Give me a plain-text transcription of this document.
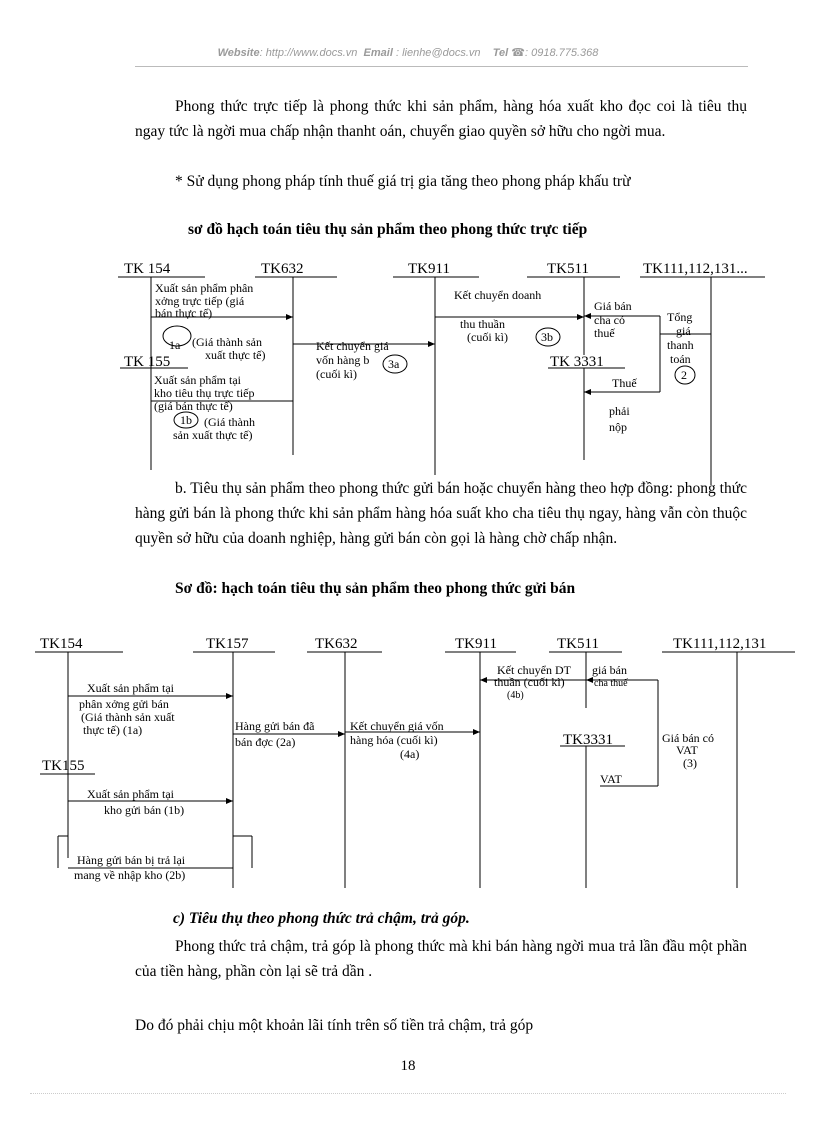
Website: http://www.docs.vn Email : lienhe@docs.vn Tel ☎: 0918.775.368
Phong thức trực tiếp là phong thức khi sản phẩm, hàng hóa xuất kho đọc coi là tiêu thụ ngay tức là ngời mua chấp nhận thanht oán, chuyển giao quyền sở hữu cho ngời mua.
* Sử dụng phong pháp tính thuế giá trị gia tăng theo phong pháp khấu trừ
sơ đồ hạch toán tiêu thụ sản phẩm theo phong thức trực tiếp
TK 154	TK632	TK911	TK511	TK111,112,131...
TK 155	TK 3331
Xuất sản phẩm phân
xởng trực tiếp (giá
bán thực tế)
1a (Giá thành sản
xuất thực tế)
Xuất sản phẩm tại
kho tiêu thụ trực tiếp
(giá bán thực tế)
1b (Giá thành
sản xuất thực tế)
Kết chuyển giá
vốn hàng b 3a
(cuối kì)
Kết chuyển doanh
thu thuần
(cuối kì)	3b
Giá bán
cha có
thuế
Tổng
giá
thanh
toán
2
Thuế
phải
nộp
b. Tiêu thụ sản phẩm theo phong thức gửi bán hoặc chuyển hàng theo hợp đồng: phong thức hàng gửi bán là phong thức khi sản phẩm hàng hóa suất kho cha tiêu thụ ngay, hàng vẫn còn thuộc quyền sở hữu của doanh nghiệp, hàng gửi bán còn gọi là hàng chờ chấp nhận.
Sơ đồ: hạch toán tiêu thụ sản phẩm theo phong thức gửi bán
TK154	TK157	TK632	TK911	TK511	TK111,112,131
TK155
TK3331
Xuất sản phẩm tại
phân xởng gửi bán
(Giá thành sản xuất
thực tế) (1a)	Hàng gửi bán đã
bán đợc (2a)
Kết chuyển giá vốn
hàng hóa (cuối kì)
(4a)
Kết chuyển DT
thuần (cuối kì)
(4b)
giá bán
cha thuế
Giá bán có
VAT
(3)
VAT
Xuất sản phẩm tại
kho gửi bán (1b)
Hàng gửi bán bị trả lại
mang về nhập kho (2b)
c) Tiêu thụ theo phong thức trả chậm, trả góp.
Phong thức trả chậm, trả góp là phong thức mà khi bán hàng ngời mua trả lần đầu một phần của tiền hàng, phần còn lại sẽ trả dần .
Do đó phải chịu một khoản lãi tính trên số tiền trả chậm, trả góp
18
